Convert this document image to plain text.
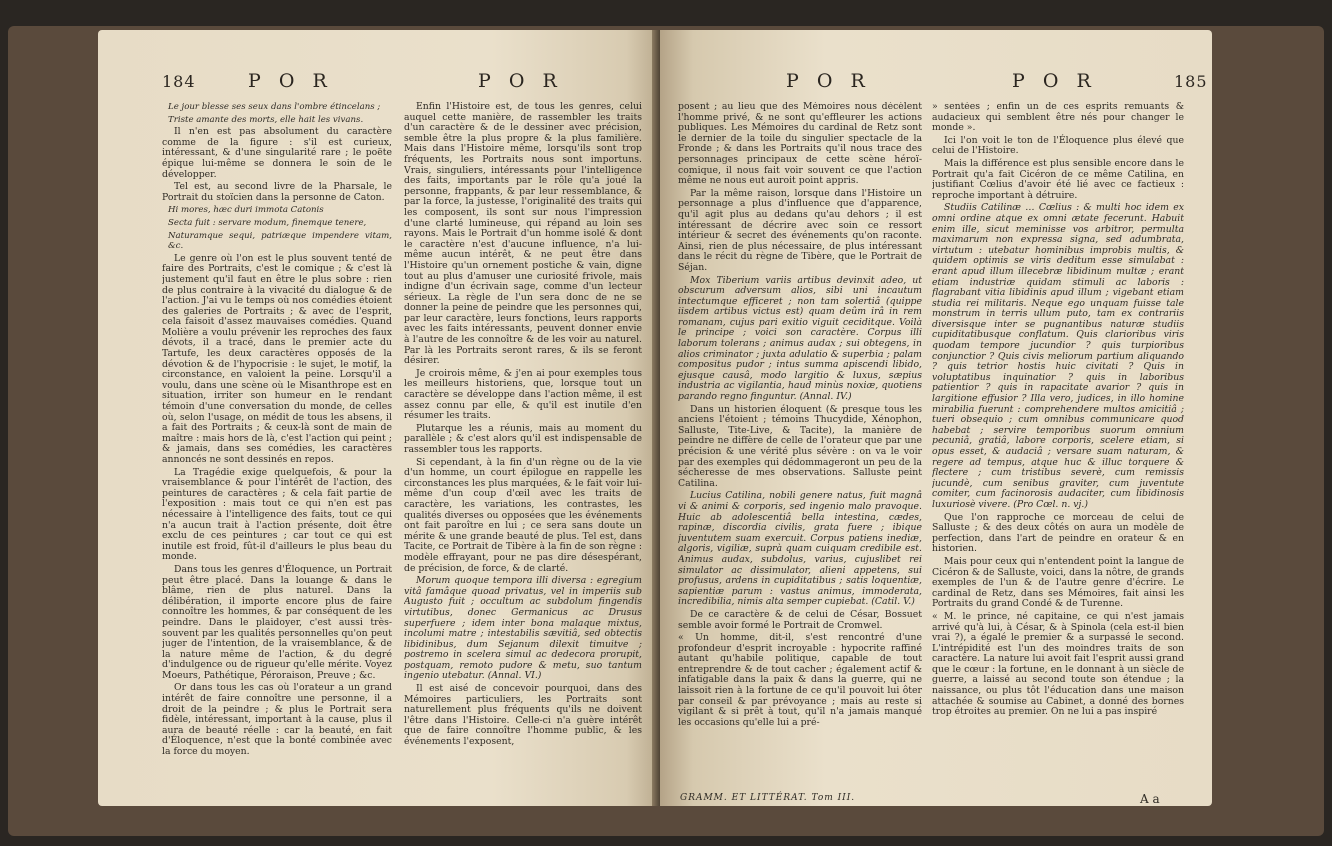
184	P O R	P O R

Le jour blesse ses seux dans l'ombre étincelans ;

Triste amante des morts, elle hait les vivans.

Il n'en est pas absolument du caractère comme de la figure : s'il est curieux, intéressant, & d'une singularité rare ; le poëte épique lui-même se donnera le soin de le développer.

Tel est, au second livre de la Pharsale, le Portrait du stoïcien dans la personne de Caton.

Hi mores, hæc duri immota Catonis

Secta fuit : servare modum, finemque tenere,

Naturamque sequi, patriæque impendere vitam, &c.

Le genre où l'on est le plus souvent tenté de faire des Portraits, c'est le comique ; & c'est là justement qu'il faut en être le plus sobre : rien de plus contraire à la vivacité du dialogue & de l'action. J'ai vu le temps où nos comédies étoient des galeries de Portraits ; & avec de l'esprit, cela faisoit d'assez mauvaises comédies. Quand Molière a voulu prévenir les reproches des faux dévots, il a tracé, dans le premier acte du Tartufe, les deux caractères opposés de la dévotion & de l'hypocrisie : le sujet, le motif, la circonstance, en valoient la peine. Lorsqu'il a voulu, dans une scène où le Misanthrope est en situation, irriter son humeur en le rendant témoin d'une conversation du monde, de celles où, selon l'usage, on médit de tous les absens, il a fait des Portraits ; & ceux-là sont de main de maître : mais hors de là, c'est l'action qui peint ; & jamais, dans ses comédies, les caractères annoncés ne sont dessinés en repos.

La Tragédie exige quelquefois, & pour la vraisemblance & pour l'intérêt de l'action, des peintures de caractères ; & cela fait partie de l'exposition : mais tout ce qui n'en est pas nécessaire à l'intelligence des faits, tout ce qui n'a aucun trait à l'action présente, doit être exclu de ces peintures ; car tout ce qui est inutile est froid, fût-il d'ailleurs le plus beau du monde.

Dans tous les genres d'Éloquence, un Portrait peut être placé. Dans la louange & dans le blâme, rien de plus naturel. Dans la délibération, il importe encore plus de faire connoître les hommes, & par conséquent de les peindre. Dans le plaidoyer, c'est aussi très-souvent par les qualités personnelles qu'on peut juger de l'intention, de la vraisemblance, & de la nature même de l'action, & du degré d'indulgence ou de rigueur qu'elle mérite. Voyez Moeurs, Pathétique, Péroraison, Preuve ; &c.

Or dans tous les cas où l'orateur a un grand intérêt de faire connoître une personne, il a droit de la peindre ; & plus le Portrait sera fidèle, intéressant, important à la cause, plus il aura de beauté réelle : car la beauté, en fait d'Éloquence, n'est que la bonté combinée avec la force du moyen.

Enfin l'Histoire est, de tous les genres, celui auquel cette manière, de rassembler les traits d'un caractère & de le dessiner avec précision, semble être la plus propre & la plus familière. Mais dans l'Histoire même, lorsqu'ils sont trop fréquents, les Portraits nous sont importuns. Vrais, singuliers, intéressants pour l'intelligence des faits, importants par le rôle qu'a joué la personne, frappants, & par leur ressemblance, & par la force, la justesse, l'originalité des traits qui les composent, ils sont sur nous l'impression d'une clarté lumineuse, qui répand au loin ses rayons. Mais le Portrait d'un homme isolé & dont le caractère n'est d'aucune influence, n'a lui-même aucun intérêt, & ne peut être dans l'Histoire qu'un ornement postiche & vain, digne tout au plus d'amuser une curiosité frivole, mais indigne d'un écrivain sage, comme d'un lecteur sérieux. La règle de l'un sera donc de ne se donner la peine de peindre que les personnes qui, par leur caractère, leurs fonctions, leurs rapports avec les faits intéressants, peuvent donner envie à l'autre de les connoître & de les voir au naturel. Par là les Portraits seront rares, & ils se feront désirer.

Je croirois même, & j'en ai pour exemples tous les meilleurs historiens, que, lorsque tout un caractère se développe dans l'action même, il est assez connu par elle, & qu'il est inutile d'en résumer les traits.

Plutarque les a réunis, mais au moment du parallèle ; & c'est alors qu'il est indispensable de rassembler tous les rapports.

Si cependant, à la fin d'un règne ou de la vie d'un homme, un court épilogue en rappelle les circonstances les plus marquées, & le fait voir lui-même d'un coup d'œil avec les traits de caractère, les variations, les contrastes, les qualités diverses ou opposées que les événements ont fait paroître en lui ; ce sera sans doute un mérite & une grande beauté de plus. Tel est, dans Tacite, ce Portrait de Tibère à la fin de son règne : modèle effrayant, pour ne pas dire désespérant, de précision, de force, & de clarté.

Morum quoque tempora illi diversa : egregium vitâ famâque quoad privatus, vel in imperiis sub Augusto fuit ; occultum ac subdolum fingendis virtutibus, donec Germanicus ac Drusus superfuere ; idem inter bona malaque mixtus, incolumi matre ; intestabilis sævitiâ, sed obtectis libidinibus, dum Sejanum dilexit timuitve ; postremo in scelera simul ac dedecora prorupit, postquam, remoto pudore & metu, suo tantum ingenio utebatur. (Annal. VI.)

Il est aisé de concevoir pourquoi, dans des Mémoires particuliers, les Portraits sont naturellement plus fréquents qu'ils ne doivent l'être dans l'Histoire. Celle-ci n'a guère intérêt que de faire connoître l'homme public, & les événements l'exposent,

P O R	P O R	185

posent ; au lieu que des Mémoires nous décèlent l'homme privé, & ne sont qu'effleurer les actions publiques. Les Mémoires du cardinal de Retz sont le dernier de la toile du singulier spectacle de la Fronde ; & dans les Portraits qu'il nous trace des personnages principaux de cette scène héroï-comique, il nous fait voir souvent ce que l'action même ne nous eut auroit point appris.

Par la même raison, lorsque dans l'Histoire un personnage a plus d'influence que d'apparence, qu'il agit plus au dedans qu'au dehors ; il est intéressant de décrire avec soin ce ressort intérieur & secret des événements qu'on raconte. Ainsi, rien de plus nécessaire, de plus intéressant dans le récit du règne de Tibère, que le Portrait de Séjan.

Mox Tiberium variis artibus devinxit adeo, ut obscurum adversum alios, sibi uni incautum intectumque efficeret ; non tam solertiâ (quippe iisdem artibus victus est) quam deûm irâ in rem romanam, cujus pari exitio viguit ceciditque. Voilà le principe ; voici son caractère. Corpus illi laborum tolerans ; animus audax ; sui obtegens, in alios criminator ; juxta adulatio & superbia ; palam compositus pudor ; intus summa apiscendi libido, ejusque causâ, modo largitio & luxus, sæpius industria ac vigilantia, haud minùs noxiæ, quotiens parando regno finguntur. (Annal. IV.)

Dans un historien éloquent (& presque tous les anciens l'étoient ; témoins Thucydide, Xénophon, Salluste, Tite-Live, & Tacite), la manière de peindre ne diffère de celle de l'orateur que par une précision & une vérité plus sévère : on va le voir par des exemples qui dédommageront un peu de la sécheresse de mes observations. Salluste peint Catilina.

Lucius Catilina, nobili genere natus, fuit magnâ vi & animi & corporis, sed ingenio malo pravoque. Huic ab adolescentiâ bella intestina, cædes, rapinæ, discordia civilis, grata fuere ; ibique juventutem suam exercuit. Corpus patiens inediæ, algoris, vigiliæ, suprà quam cuiquam credibile est. Animus audax, subdolus, varius, cujuslibet rei simulator ac dissimulator, alieni appetens, sui profusus, ardens in cupiditatibus ; satis loquentiæ, sapientiæ parum : vastus animus, immoderata, incredibilia, nimis alta semper cupiebat. (Catil. V.)

De ce caractère & de celui de César, Bossuet semble avoir formé le Portrait de Cromwel.

« Un homme, dit-il, s'est rencontré d'une profondeur d'esprit incroyable : hypocrite raffiné autant qu'habile politique, capable de tout entreprendre & de tout cacher ; également actif & infatigable dans la paix & dans la guerre, qui ne laissoit rien à la fortune de ce qu'il pouvoit lui ôter par conseil & par prévoyance ; mais au reste si vigilant & si prêt à tout, qu'il n'a jamais manqué les occasions qu'elle lui a pré-

» sentées ; enfin un de ces esprits remuants & audacieux qui semblent être nés pour changer le monde ».

Ici l'on voit le ton de l'Éloquence plus élevé que celui de l'Histoire.

Mais la différence est plus sensible encore dans le Portrait qu'a fait Cicéron de ce même Catilina, en justifiant Cœlius d'avoir été lié avec ce factieux : reproche important à détruire.

Studiis Catilinæ … Cœlius : & multi hoc idem ex omni ordine atque ex omni ætate fecerunt. Habuit enim ille, sicut meminisse vos arbitror, permulta maximarum non expressa signa, sed adumbrata, virtutum : utebatur hominibus improbis multis, & quidem optimis se viris deditum esse simulabat : erant apud illum illecebræ libidinum multæ ; erant etiam industriæ quidam stimuli ac laboris : flagrabant vitia libidinis apud illum ; vigebant etiam studia rei militaris. Neque ego unquam fuisse tale monstrum in terris ullum puto, tam ex contrariis diversisque inter se pugnantibus naturæ studiis cupiditatibusque conflatum. Quis clarioribus viris quodam tempore jucundior ? quis turpioribus conjunctior ? Quis civis meliorum partium aliquando ? quis tetrior hostis huic civitati ? Quis in voluptatibus inquinatior ? quis in laboribus patientior ? quis in rapacitate avarior ? quis in largitione effusior ? Illa vero, judices, in illo homine mirabilia fuerunt : comprehendere multos amicitiâ ; tueri obsequio ; cum omnibus communicare quod habebat ; servire temporibus suorum omnium pecuniâ, gratiâ, labore corporis, scelere etiam, si opus esset, & audaciâ ; versare suam naturam, & regere ad tempus, atque huc & illuc torquere & flectere ; cum tristibus severè, cum remissis jucundè, cum senibus graviter, cum juventute comiter, cum facinorosis audaciter, cum libidinosis luxuriosè vivere. (Pro Cœl. n. vj.)

Que l'on rapproche ce morceau de celui de Salluste ; & des deux côtés on aura un modèle de perfection, dans l'art de peindre en orateur & en historien.

Mais pour ceux qui n'entendent point la langue de Cicéron & de Salluste, voici, dans la nôtre, de grands exemples de l'un & de l'autre genre d'écrire. Le cardinal de Retz, dans ses Mémoires, fait ainsi les Portraits du grand Condé & de Turenne.

« M. le prince, né capitaine, ce qui n'est jamais arrivé qu'à lui, à César, & à Spinola (cela est-il bien vrai ?), a égalé le premier & a surpassé le second. L'intrépidité est l'un des moindres traits de son caractère. La nature lui avoit fait l'esprit aussi grand que le cœur : la fortune, en le donnant à un siècle de guerre, a laissé au second toute son étendue ; la naissance, ou plus tôt l'éducation dans une maison attachée & soumise au Cabinet, a donné des bornes trop étroites au premier. On ne lui a pas inspiré

GRAMM. ET LITTÉRAT. Tom III.	A a
